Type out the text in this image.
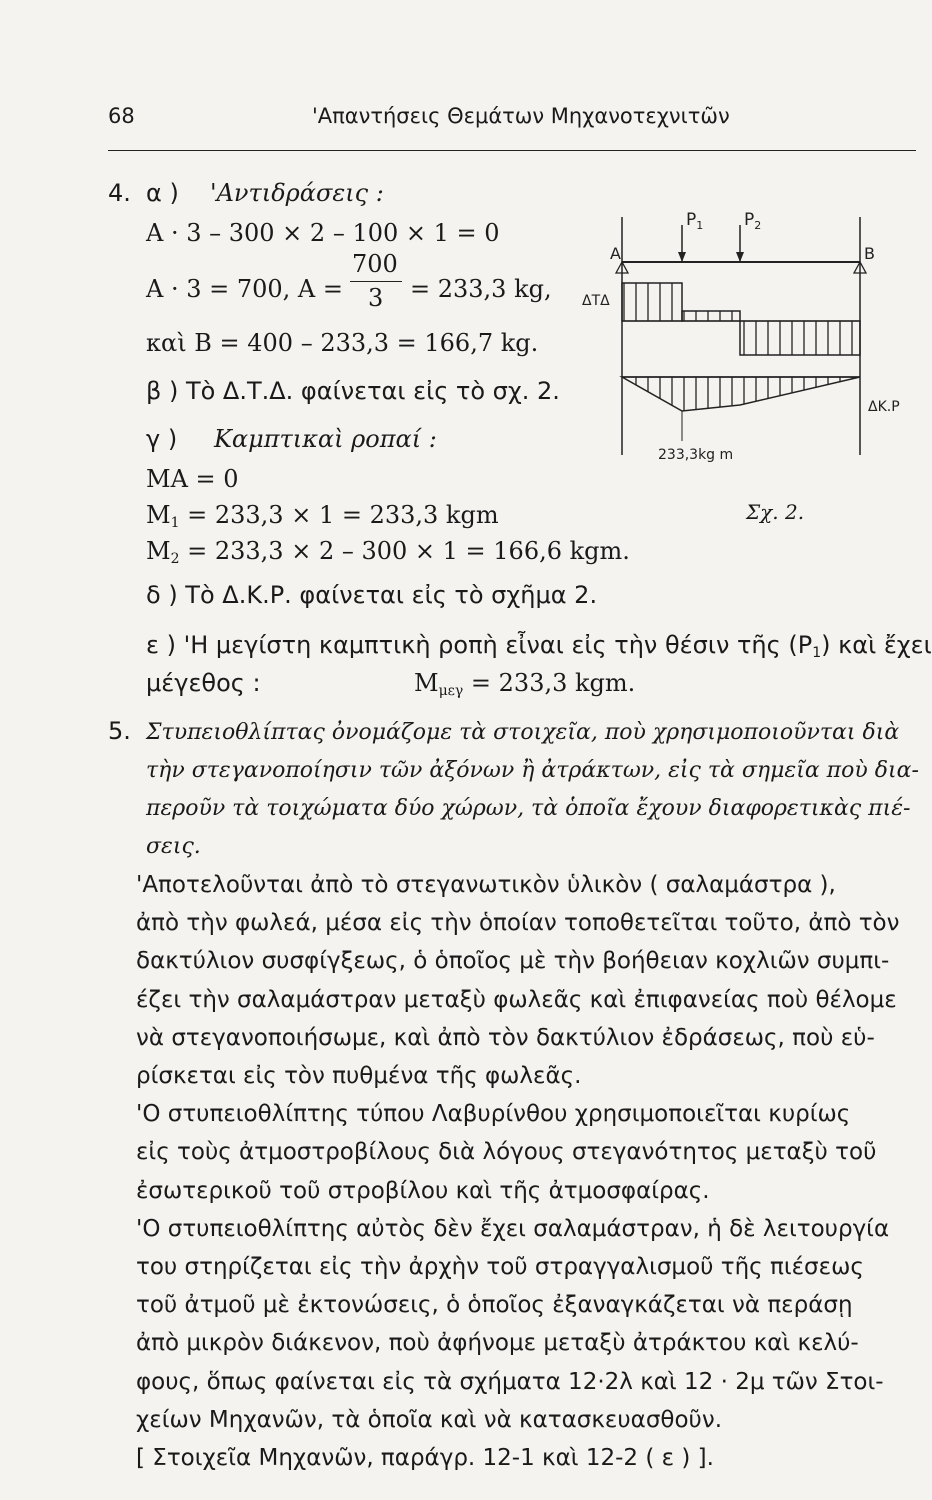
68	'Απαντήσεις Θεμάτων Μηχανοτεχνιτῶν
4. α ) 'Αντιδράσεις :
Α · 3 – 300 × 2 – 100 × 1 = 0
Α · 3 = 700, Α =
700
3 = 233,3 kg,
καὶ Β = 400 – 233,3 = 166,7 kg.
β ) Τὸ Δ.Τ.Δ. φαίνεται εἰς τὸ σχ. 2.
γ ) Καμπτικαὶ ροπαί :
ΜΑ = 0
$M_1 = 233,3 \times 1 = 233,3$ kgm
$M_2 = 233,3 \times 2 - 300 \times 1 = 166,6$ kgm.
δ ) Τὸ Δ.Κ.Ρ. φαίνεται εἰς τὸ σχῆμα 2.
ε ) 'Η μεγίστη καμπτικὴ ροπὴ εἶναι εἰς τὴν θέσιν τῆς $(P_1)$ καὶ ἔχει
μέγεθος :	$M_{\mu\varepsilon\gamma} = 233,3$ kgm.
$P_1$ $P_2$
A	B
ΔΤΔ
ΔΚ.Ρ
233,3kg m
Σχ. 2.
5. Στυπειοθλίπτας ὀνομάζομε τὰ στοιχεῖα, ποὺ χρησιμοποιοῦνται διὰ
τὴν στεγανοποίησιν τῶν ἀξόνων ἢ ἀτράκτων, εἰς τὰ σημεῖα ποὺ δια-
περοῦν τὰ τοιχώματα δύο χώρων, τὰ ὁποῖα ἔχουν διαφορετικὰς πιέ-
σεις.
'Αποτελοῦνται ἀπὸ τὸ στεγανωτικὸν ὑλικὸν ( σαλαμάστρα ),
ἀπὸ τὴν φωλεά, μέσα εἰς τὴν ὁποίαν τοποθετεῖται τοῦτο, ἀπὸ τὸν
δακτύλιον συσφίγξεως, ὁ ὁποῖος μὲ τὴν βοήθειαν κοχλιῶν συμπι-
έζει τὴν σαλαμάστραν μεταξὺ φωλεᾶς καὶ ἐπιφανείας ποὺ θέλομε
νὰ στεγανοποιήσωμε, καὶ ἀπὸ τὸν δακτύλιον ἐδράσεως, ποὺ εὑ-
ρίσκεται εἰς τὸν πυθμένα τῆς φωλεᾶς.
'Ο στυπειοθλίπτης τύπου Λαβυρίνθου χρησιμοποιεῖται κυρίως
εἰς τοὺς ἀτμοστροβίλους διὰ λόγους στεγανότητος μεταξὺ τοῦ
ἐσωτερικοῦ τοῦ στροβίλου καὶ τῆς ἀτμοσφαίρας.
'Ο στυπειοθλίπτης αὐτὸς δὲν ἔχει σαλαμάστραν, ἡ δὲ λειτουργία
του στηρίζεται εἰς τὴν ἀρχὴν τοῦ στραγγαλισμοῦ τῆς πιέσεως
τοῦ ἀτμοῦ μὲ ἐκτονώσεις, ὁ ὁποῖος ἐξαναγκάζεται νὰ περάσῃ
ἀπὸ μικρὸν διάκενον, ποὺ ἀφήνομε μεταξὺ ἀτράκτου καὶ κελύ-
φους, ὅπως φαίνεται εἰς τὰ σχήματα 12·2λ καὶ 12 · 2μ τῶν Στοι-
χείων Μηχανῶν, τὰ ὁποῖα καὶ νὰ κατασκευασθοῦν.
[ Στοιχεῖα Μηχανῶν, παράγρ. 12-1 καὶ 12-2 ( ε ) ].
